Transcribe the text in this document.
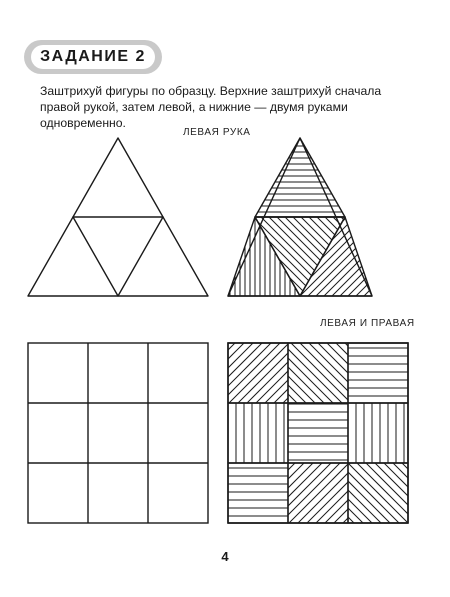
ЗАДАНИЕ 2

Заштрихуй фигуры по образцу. Верхние заштрихуй сначала правой рукой, затем левой, а нижние — двумя руками одновременно.

ЛЕВАЯ РУКА
ЛЕВАЯ И ПРАВАЯ
4
